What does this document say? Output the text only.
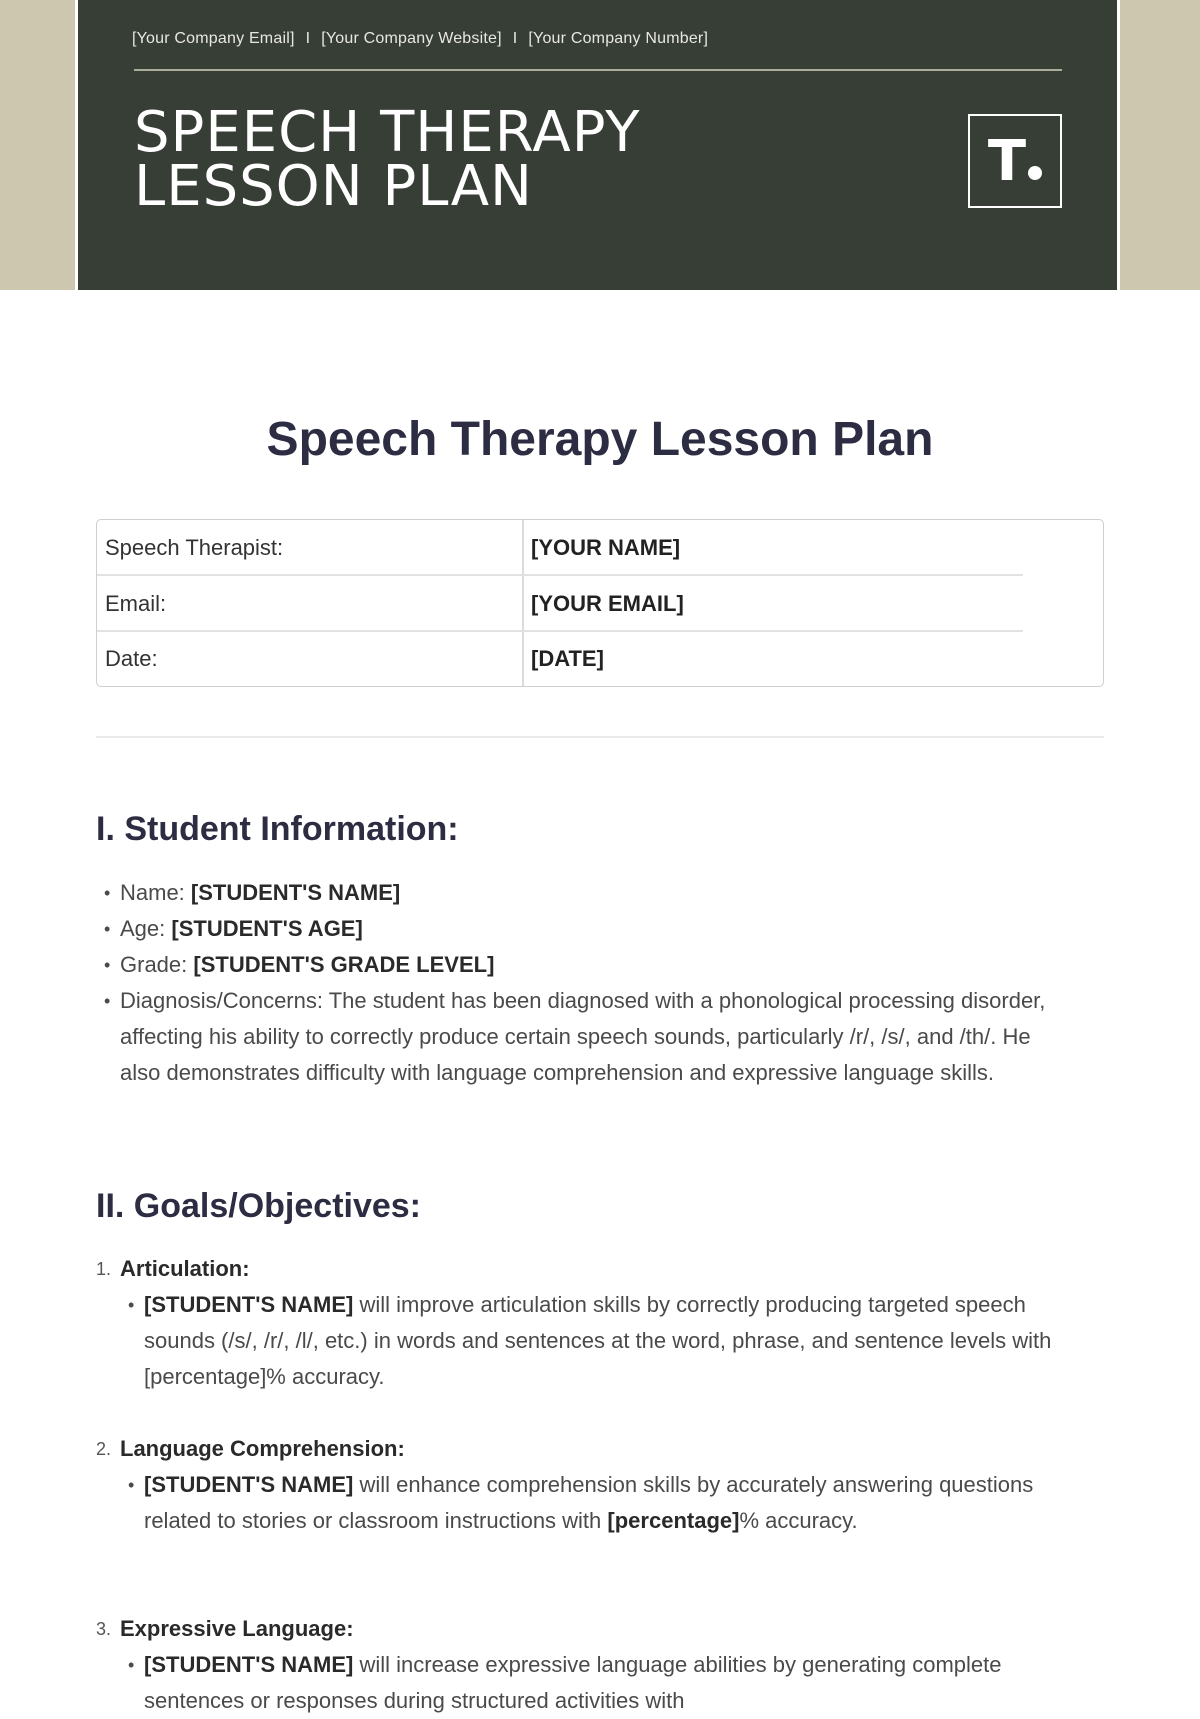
[Your Company Email] I [Your Company Website] I [Your Company Number]
SPEECH THERAPY
LESSON PLAN	T
Speech Therapy Lesson Plan
Speech Therapist:	[YOUR NAME]
Email:	[YOUR EMAIL]
Date:	[DATE]
I. Student Information:
• Name: [STUDENT'S NAME]
• Age: [STUDENT'S AGE]
• Grade: [STUDENT'S GRADE LEVEL]
• Diagnosis/Concerns: The student has been diagnosed with a phonological processing disorder, affecting his ability to correctly produce certain speech sounds, particularly /r/, /s/, and /th/. He also demonstrates difficulty with language comprehension and expressive language skills.
II. Goals/Objectives:
1. Articulation:
• [STUDENT'S NAME] will improve articulation skills by correctly producing targeted speech sounds (/s/, /r/, /l/, etc.) in words and sentences at the word, phrase, and sentence levels with [percentage]% accuracy.
2. Language Comprehension:
• [STUDENT'S NAME] will enhance comprehension skills by accurately answering questions related to stories or classroom instructions with [percentage]% accuracy.
3. Expressive Language:
• [STUDENT'S NAME] will increase expressive language abilities by generating complete sentences or responses during structured activities with
